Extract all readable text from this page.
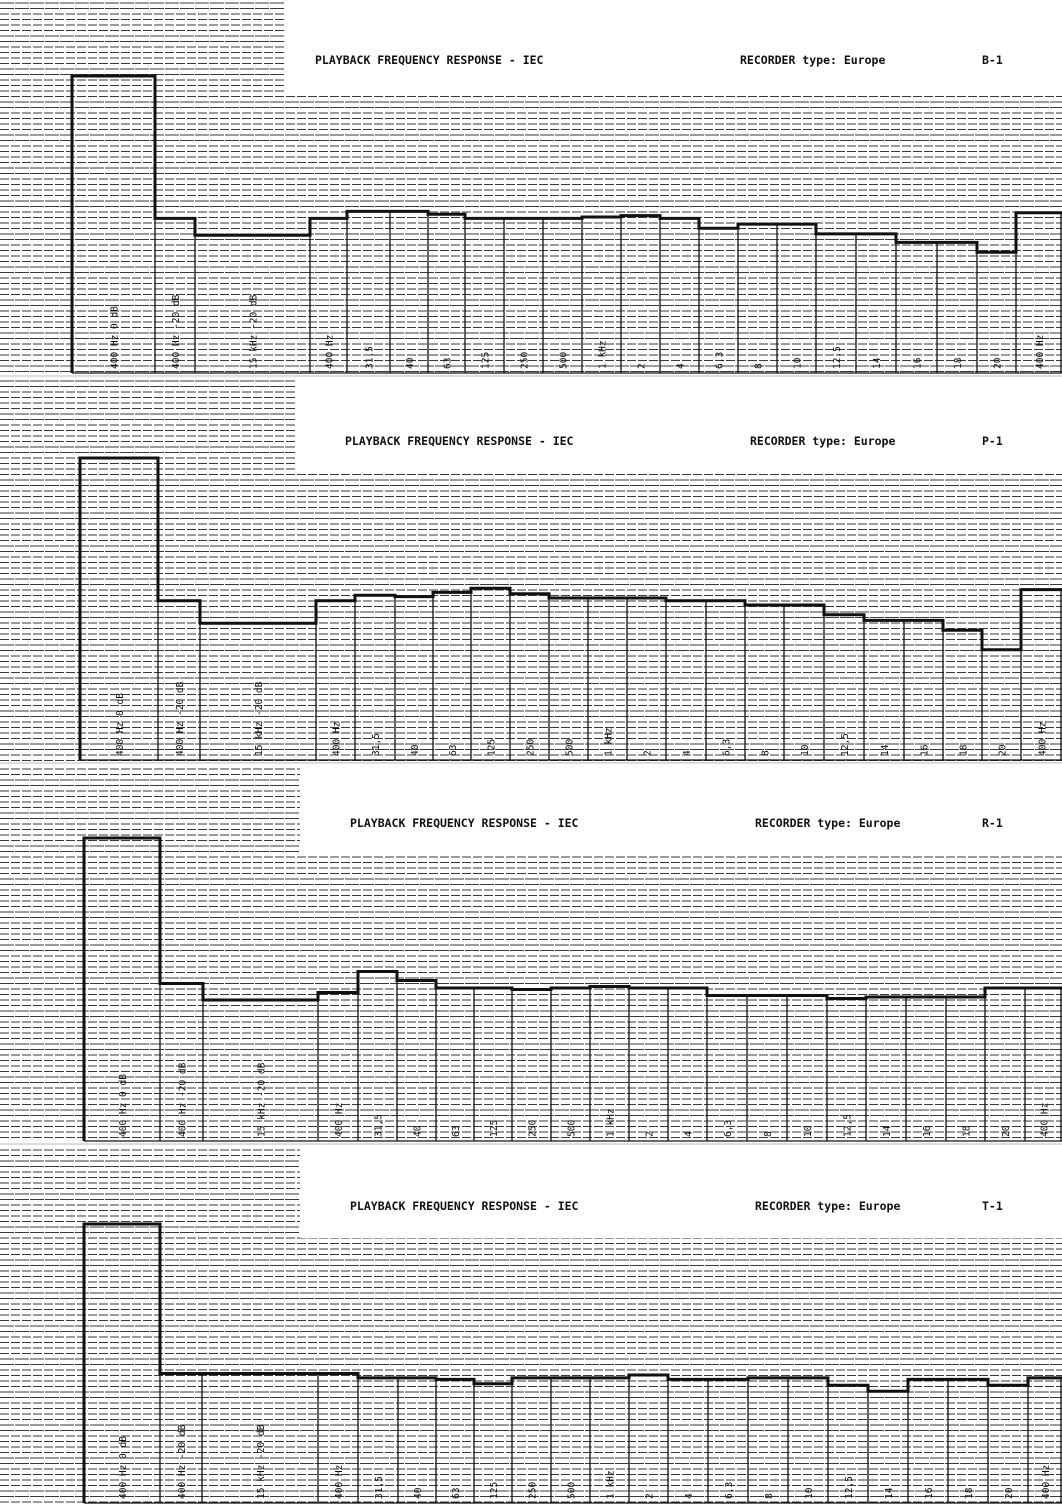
PLAYBACK FREQUENCY RESPONSE - IEC	RECORDER type: Europe	B-1
400 Hz 0 dB	400 Hz -20 dB	15 kHz -20 dB	400 Hz	31,5	40	63	125	250	500	1 kHz	2	4	6,3	8	10	12,5	14	16	18	20	400 Hz
PLAYBACK FREQUENCY RESPONSE - IEC	RECORDER type: Europe	P-1
400 Hz 0 dB	400 Hz -20 dB	15 kHz -20 dB	400 Hz	31,5	40	63	125	250	500	1 kHz	2	4	6,3	8	10	12,5	14	16	18	20	400 Hz
PLAYBACK FREQUENCY RESPONSE - IEC	RECORDER type: Europe	R-1
400 Hz 0 dB	400 Hz -20 dB	15 kHz -20 dB	400 Hz	31,5	40	63	125	250	500	1 kHz	2	4	6,3	8	10	12,5	14	16	18	20	400 Hz
PLAYBACK FREQUENCY RESPONSE - IEC	RECORDER type: Europe	T-1
400 Hz 0 dB	400 Hz -20 dB	15 kHz -20 dB	400 Hz	31,5	40	63	125	250	500	1 kHz	2	4	6,3	8	10	12,5	14	16	18	20	400 Hz
